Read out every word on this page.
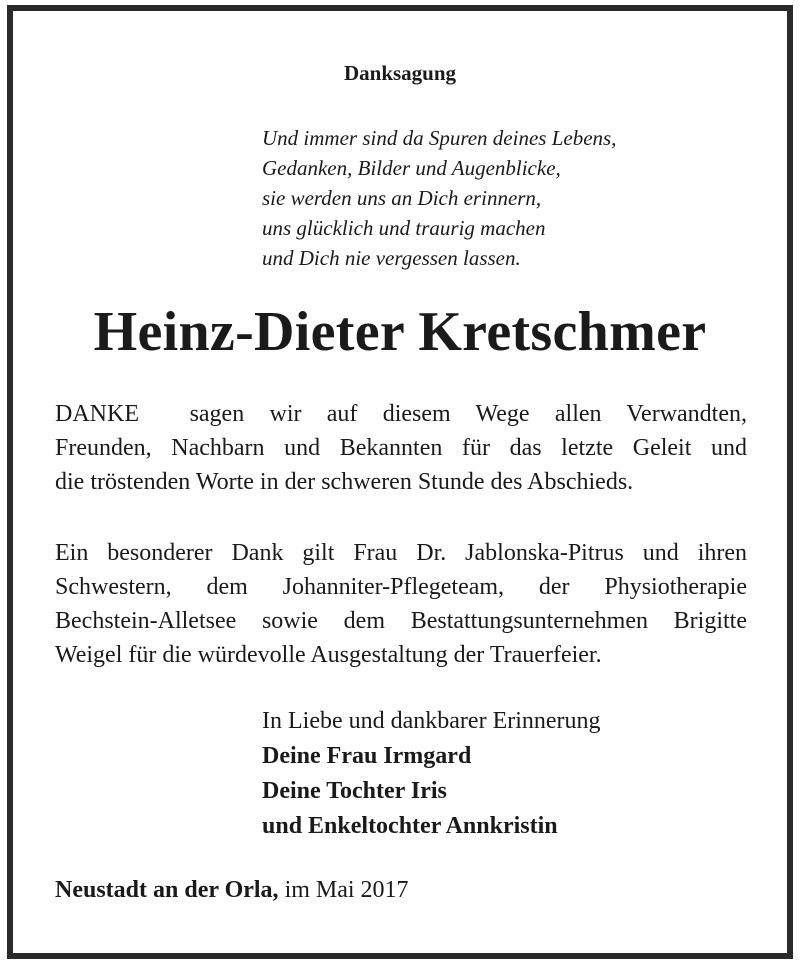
Danksagung
Und immer sind da Spuren deines Lebens,
Gedanken, Bilder und Augenblicke,
sie werden uns an Dich erinnern,
uns glücklich und traurig machen
und Dich nie vergessen lassen.
Heinz-Dieter Kretschmer
DANKE  sagen wir auf diesem Wege allen Verwandten,
Freunden, Nachbarn und Bekannten für das letzte Geleit und
die tröstenden Worte in der schweren Stunde des Abschieds.
Ein besonderer Dank gilt Frau Dr. Jablonska-Pitrus und ihren
Schwestern, dem Johanniter-Pflegeteam, der Physiotherapie
Bechstein-Alletsee sowie dem Bestattungsunternehmen Brigitte
Weigel für die würdevolle Ausgestaltung der Trauerfeier.
In Liebe und dankbarer Erinnerung
Deine Frau Irmgard
Deine Tochter Iris
und Enkeltochter Annkristin
Neustadt an der Orla, im Mai 2017
